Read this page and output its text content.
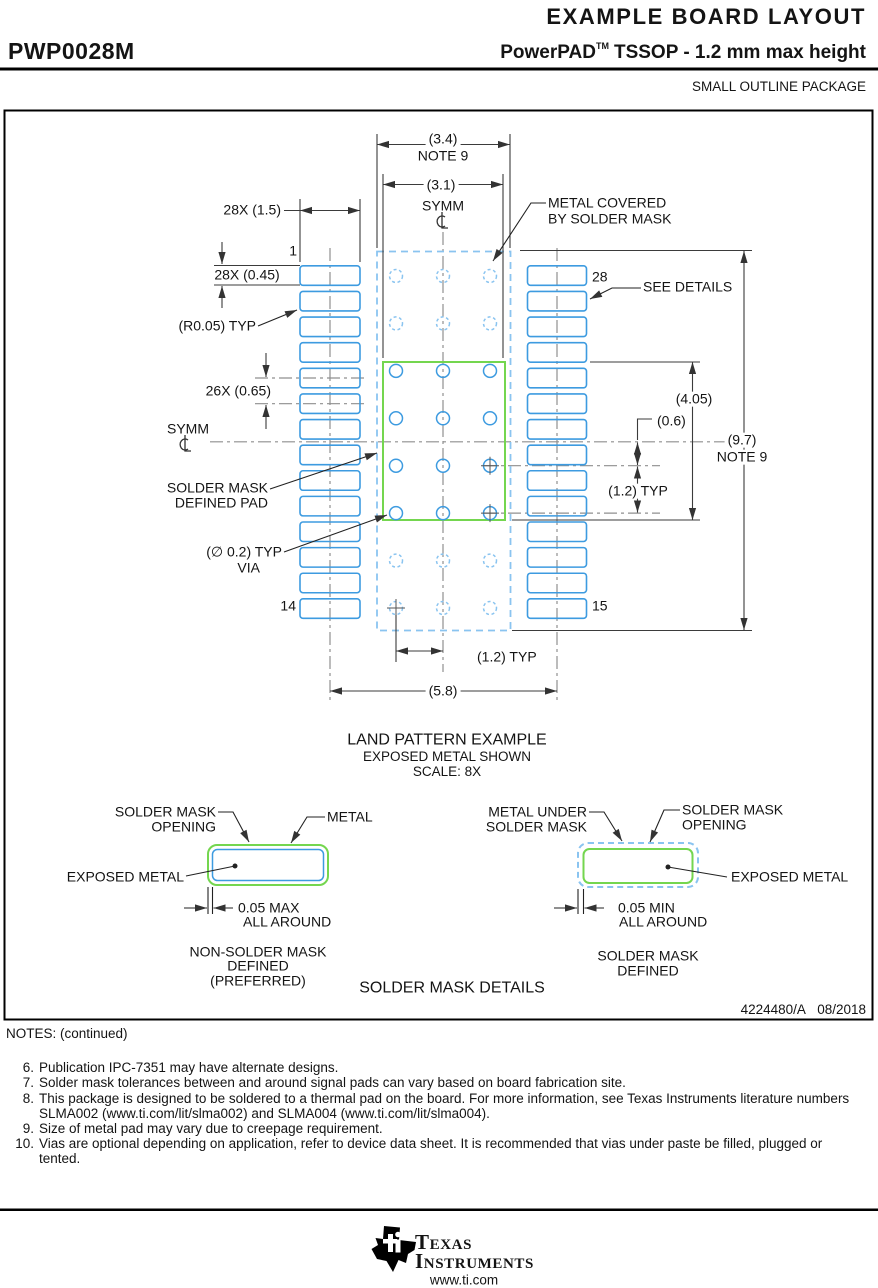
EXAMPLE BOARD LAYOUT
PWP0028M	PowerPAD™ TSSOP - 1.2 mm max height
SMALL OUTLINE PACKAGE
(3.4)
NOTE 9
(3.1)
SYMM
28X (1.5)
1
28X (0.45)
(R0.05) TYP
26X (0.65)
SYMM
SOLDER MASK
DEFINED PAD
(∅ 0.2) TYP
VIA
14	15
28
SEE DETAILS
METAL COVERED
BY SOLDER MASK
(4.05)
(0.6)
(9.7)
NOTE 9
(1.2) TYP
(1.2) TYP
(5.8)
LAND PATTERN EXAMPLE
EXPOSED METAL SHOWN
SCALE: 8X
SOLDER MASK
OPENING
METAL
EXPOSED METAL
0.05 MAX
ALL AROUND
NON-SOLDER MASK
DEFINED
(PREFERRED)
METAL UNDER
SOLDER MASK
SOLDER MASK
OPENING
EXPOSED METAL
0.05 MIN
ALL AROUND
SOLDER MASK
DEFINED
SOLDER MASK DETAILS
4224480/A 08/2018
NOTES: (continued)
6. Publication IPC-7351 may have alternate designs.
7. Solder mask tolerances between and around signal pads can vary based on board fabrication site.
8. This package is designed to be soldered to a thermal pad on the board. For more information, see Texas Instruments literature numbers SLMA002 (www.ti.com/lit/slma002) and SLMA004 (www.ti.com/lit/slma004).
9. Size of metal pad may vary due to creepage requirement.
10. Vias are optional depending on application, refer to device data sheet. It is recommended that vias under paste be filled, plugged or tented.
TEXAS
INSTRUMENTS
www.ti.com
